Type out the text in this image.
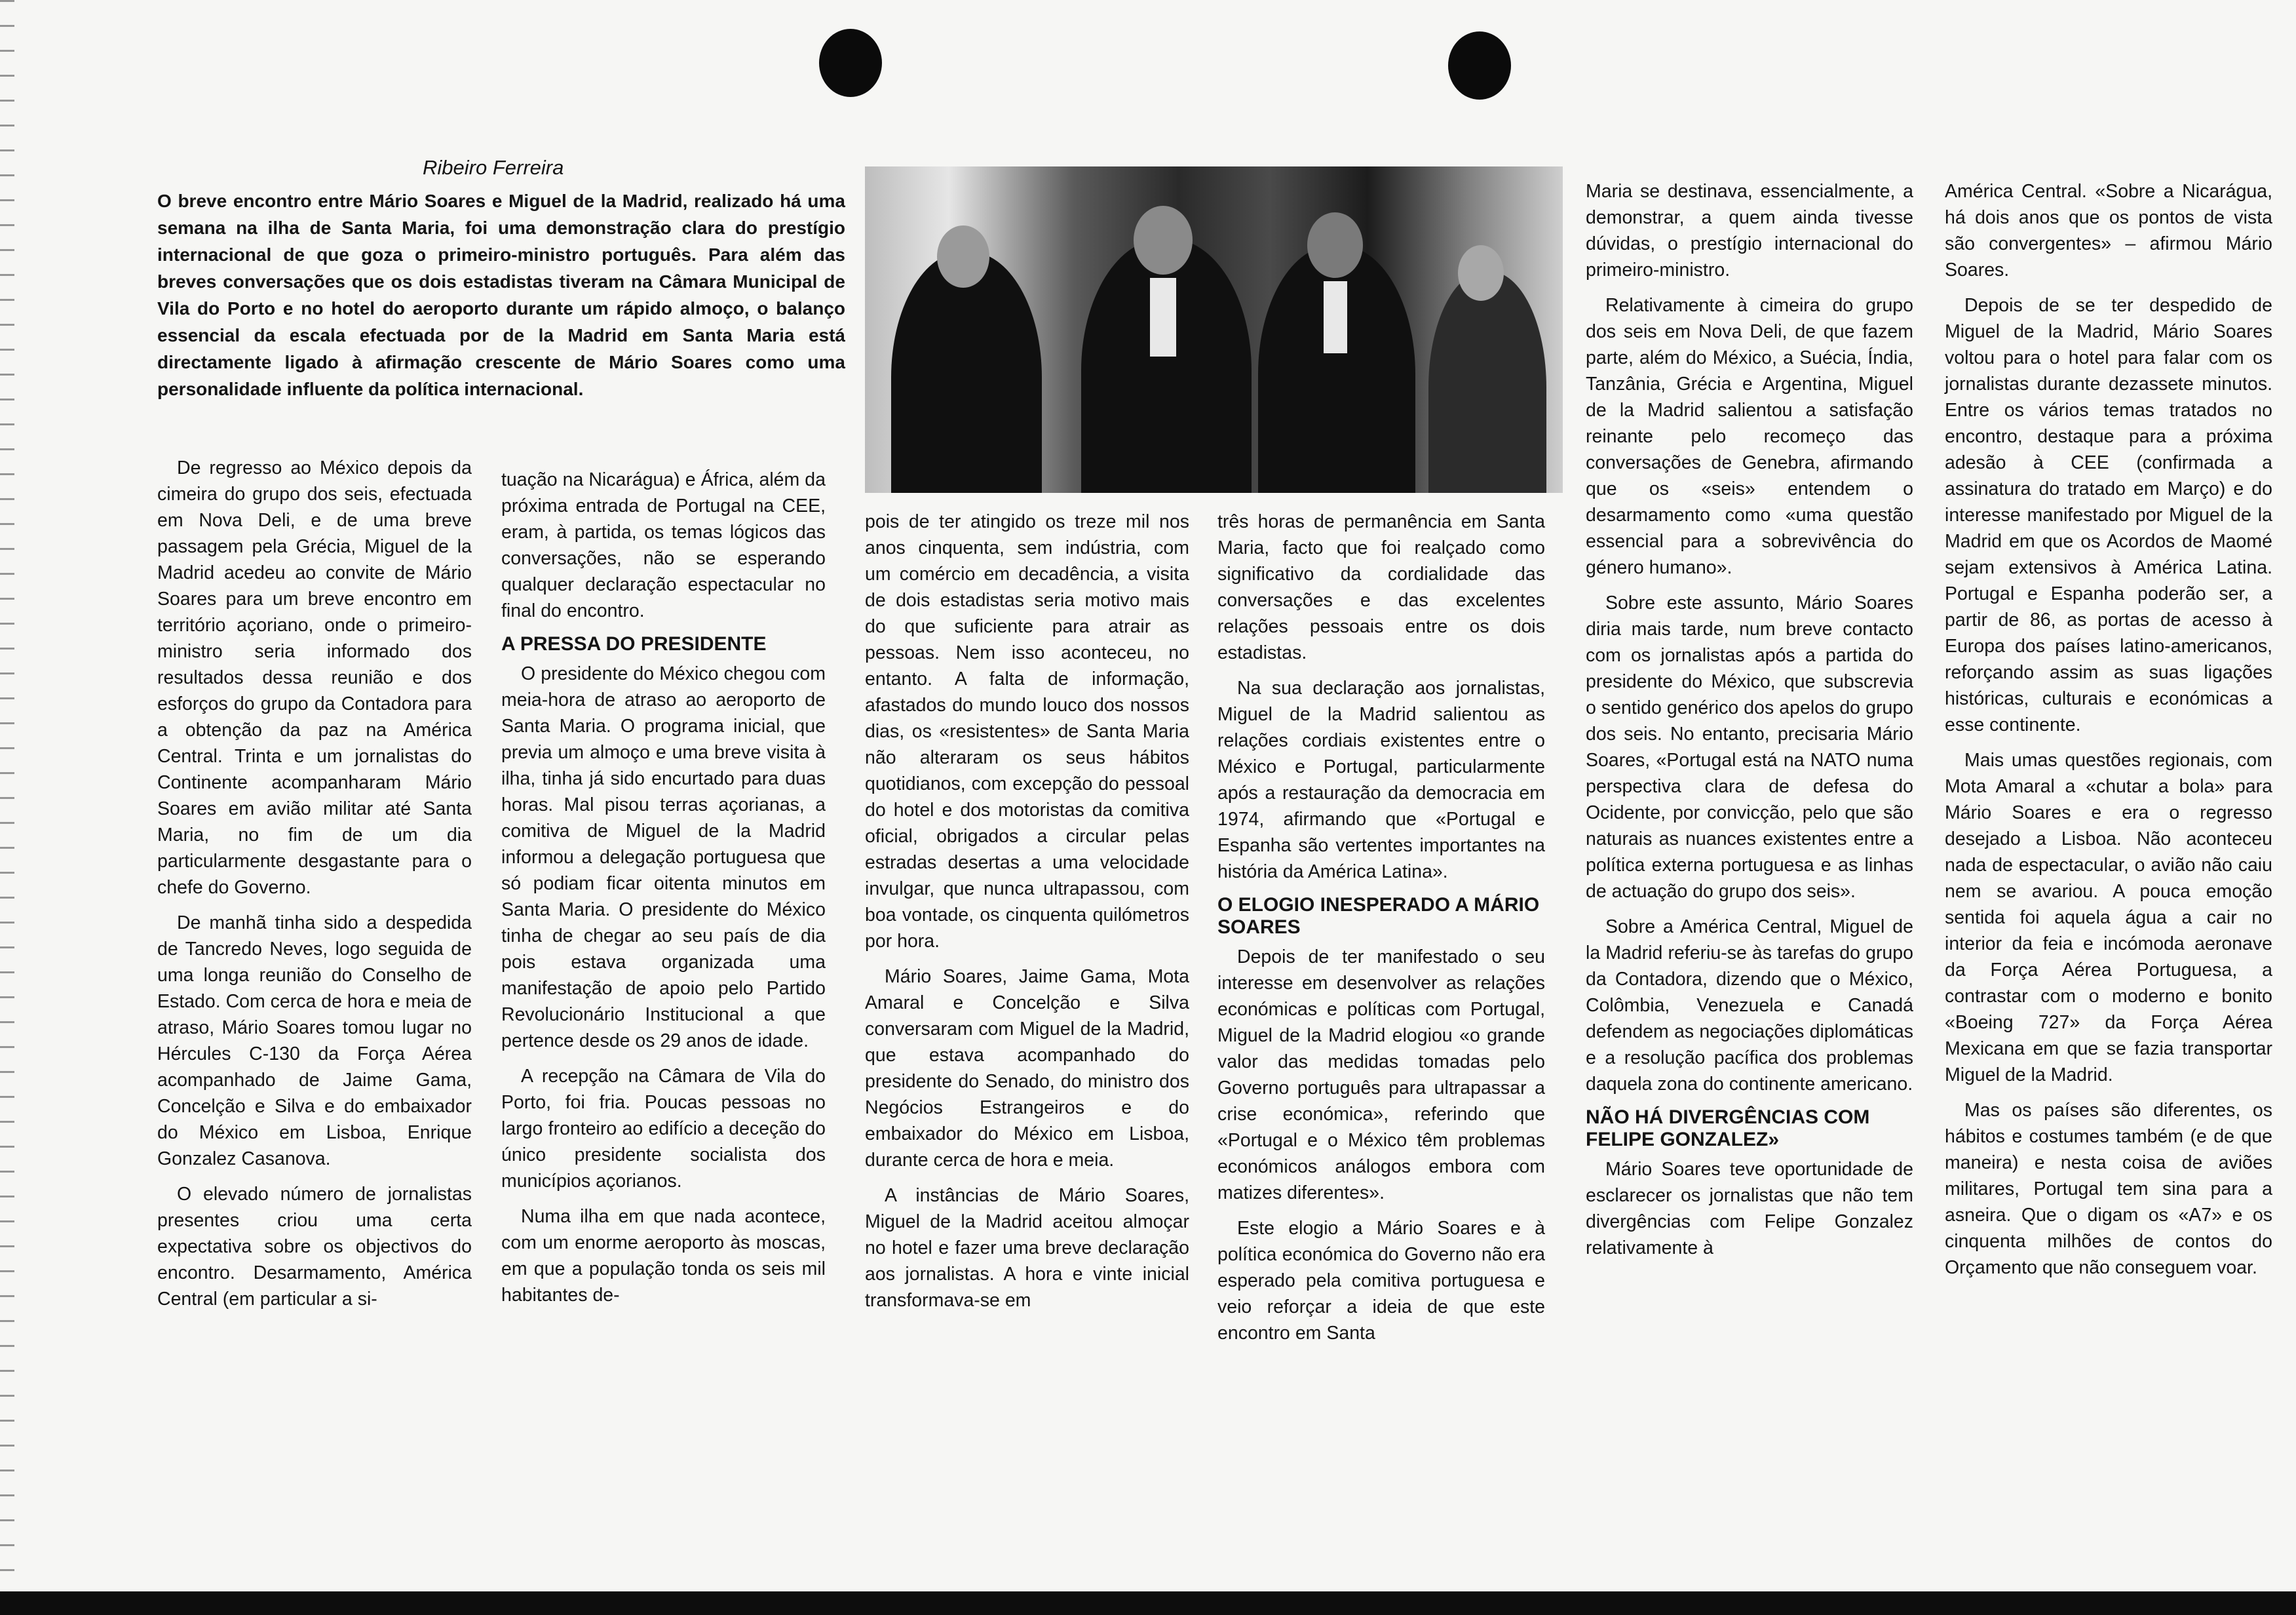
Ribeiro Ferreira
O breve encontro entre Mário Soares e Miguel de la Madrid, realizado há uma semana na ilha de Santa Maria, foi uma demonstração clara do prestígio internacional de que goza o primeiro-ministro português. Para além das breves conversações que os dois estadistas tiveram na Câmara Municipal de Vila do Porto e no hotel do aeroporto durante um rápido almoço, o balanço essencial da escala efectuada por de la Madrid em Santa Maria está directamente ligado à afirmação crescente de Mário Soares como uma personalidade influente da política internacional.

De regresso ao México depois da cimeira do grupo dos seis, efectuada em Nova Deli, e de uma breve passagem pela Grécia, Miguel de la Madrid acedeu ao convite de Mário Soares para um breve encontro em território açoriano, onde o primeiro-ministro seria informado dos resultados dessa reunião e dos esforços do grupo da Contadora para a obtenção da paz na América Central. Trinta e um jornalistas do Continente acompanharam Mário Soares em avião militar até Santa Maria, no fim de um dia particularmente desgastante para o chefe do Governo.

De manhã tinha sido a despedida de Tancredo Neves, logo seguida de uma longa reunião do Conselho de Estado. Com cerca de hora e meia de atraso, Mário Soares tomou lugar no Hércules C-130 da Força Aérea acompanhado de Jaime Gama, Concelção e Silva e do embaixador do México em Lisboa, Enrique Gonzalez Casanova.

O elevado número de jornalistas presentes criou uma certa expectativa sobre os objectivos do encontro. Desarmamento, América Central (em particular a si-

tuação na Nicarágua) e África, além da próxima entrada de Portugal na CEE, eram, à partida, os temas lógicos das conversações, não se esperando qualquer declaração espectacular no final do encontro.

A PRESSA DO PRESIDENTE

O presidente do México chegou com meia-hora de atraso ao aeroporto de Santa Maria. O programa inicial, que previa um almoço e uma breve visita à ilha, tinha já sido encurtado para duas horas. Mal pisou terras açorianas, a comitiva de Miguel de la Madrid informou a delegação portuguesa que só podiam ficar oitenta minutos em Santa Maria. O presidente do México tinha de chegar ao seu país de dia pois estava organizada uma manifestação de apoio pelo Partido Revolucionário Institucional a que pertence desde os 29 anos de idade.

A recepção na Câmara de Vila do Porto, foi fria. Poucas pessoas no largo fronteiro ao edifício a deceção do único presidente socialista dos municípios açorianos.

Numa ilha em que nada acontece, com um enorme aeroporto às moscas, em que a população tonda os seis mil habitantes de-

pois de ter atingido os treze mil nos anos cinquenta, sem indústria, com um comércio em decadência, a visita de dois estadistas seria motivo mais do que suficiente para atrair as pessoas. Nem isso aconteceu, no entanto. A falta de informação, afastados do mundo louco dos nossos dias, os «resistentes» de Santa Maria não alteraram os seus hábitos quotidianos, com excepção do pessoal do hotel e dos motoristas da comitiva oficial, obrigados a circular pelas estradas desertas a uma velocidade invulgar, que nunca ultrapassou, com boa vontade, os cinquenta quilómetros por hora.

Mário Soares, Jaime Gama, Mota Amaral e Concelção e Silva conversaram com Miguel de la Madrid, que estava acompanhado do presidente do Senado, do ministro dos Negócios Estrangeiros e do embaixador do México em Lisboa, durante cerca de hora e meia.

A instâncias de Mário Soares, Miguel de la Madrid aceitou almoçar no hotel e fazer uma breve declaração aos jornalistas. A hora e vinte inicial transformava-se em

três horas de permanência em Santa Maria, facto que foi realçado como significativo da cordialidade das conversações e das excelentes relações pessoais entre os dois estadistas.

Na sua declaração aos jornalistas, Miguel de la Madrid salientou as relações cordiais existentes entre o México e Portugal, particularmente após a restauração da democracia em 1974, afirmando que «Portugal e Espanha são vertentes importantes na história da América Latina».

O ELOGIO INESPERADO A MÁRIO SOARES

Depois de ter manifestado o seu interesse em desenvolver as relações económicas e políticas com Portugal, Miguel de la Madrid elogiou «o grande valor das medidas tomadas pelo Governo português para ultrapassar a crise económica», referindo que «Portugal e o México têm problemas económicos análogos embora com matizes diferentes».

Este elogio a Mário Soares e à política económica do Governo não era esperado pela comitiva portuguesa e veio reforçar a ideia de que este encontro em Santa

Maria se destinava, essencialmente, a demonstrar, a quem ainda tivesse dúvidas, o prestígio internacional do primeiro-ministro.

Relativamente à cimeira do grupo dos seis em Nova Deli, de que fazem parte, além do México, a Suécia, Índia, Tanzânia, Grécia e Argentina, Miguel de la Madrid salientou a satisfação reinante pelo recomeço das conversações de Genebra, afirmando que os «seis» entendem o desarmamento como «uma questão essencial para a sobrevivência do género humano».

Sobre este assunto, Mário Soares diria mais tarde, num breve contacto com os jornalistas após a partida do presidente do México, que subscrevia o sentido genérico dos apelos do grupo dos seis. No entanto, precisaria Mário Soares, «Portugal está na NATO numa perspectiva clara de defesa do Ocidente, por convicção, pelo que são naturais as nuances existentes entre a política externa portuguesa e as linhas de actuação do grupo dos seis».

Sobre a América Central, Miguel de la Madrid referiu-se às tarefas do grupo da Contadora, dizendo que o México, Colômbia, Venezuela e Canadá defendem as negociações diplomáticas e a resolução pacífica dos problemas daquela zona do continente americano.

NÃO HÁ DIVERGÊNCIAS COM FELIPE GONZALEZ»

Mário Soares teve oportunidade de esclarecer os jornalistas que não tem divergências com Felipe Gonzalez relativamente à

América Central. «Sobre a Nicarágua, há dois anos que os pontos de vista são convergentes» – afirmou Mário Soares.

Depois de se ter despedido de Miguel de la Madrid, Mário Soares voltou para o hotel para falar com os jornalistas durante dezassete minutos. Entre os vários temas tratados no encontro, destaque para a próxima adesão à CEE (confirmada a assinatura do tratado em Março) e do interesse manifestado por Miguel de la Madrid em que os Acordos de Maomé sejam extensivos à América Latina. Portugal e Espanha poderão ser, a partir de 86, as portas de acesso à Europa dos países latino-americanos, reforçando assim as suas ligações históricas, culturais e económicas a esse continente.

Mais umas questões regionais, com Mota Amaral a «chutar a bola» para Mário Soares e era o regresso desejado a Lisboa. Não aconteceu nada de espectacular, o avião não caiu nem se avariou. A pouca emoção sentida foi aquela água a cair no interior da feia e incómoda aeronave da Força Aérea Portuguesa, a contrastar com o moderno e bonito «Boeing 727» da Força Aérea Mexicana em que se fazia transportar Miguel de la Madrid.

Mas os países são diferentes, os hábitos e costumes também (e de que maneira) e nesta coisa de aviões militares, Portugal tem sina para a asneira. Que o digam os «A7» e os cinquenta milhões de contos do Orçamento que não conseguem voar.
